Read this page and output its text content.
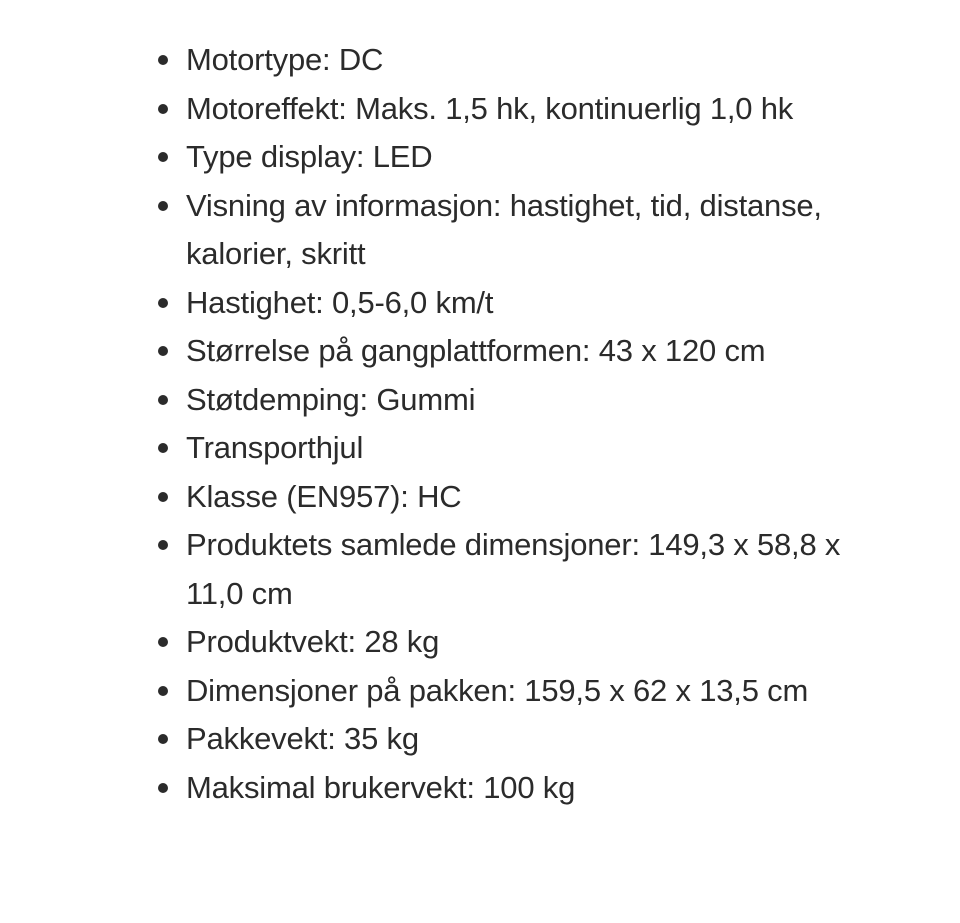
Motortype: DC
Motoreffekt: Maks. 1,5 hk, kontinuerlig 1,0 hk
Type display: LED
Visning av informasjon: hastighet, tid, distanse, kalorier, skritt
Hastighet: 0,5-6,0 km/t
Størrelse på gangplattformen: 43 x 120 cm
Støtdemping: Gummi
Transporthjul
Klasse (EN957): HC
Produktets samlede dimensjoner: 149,3 x 58,8 x 11,0 cm
Produktvekt: 28 kg
Dimensjoner på pakken: 159,5 x 62 x 13,5 cm
Pakkevekt: 35 kg
Maksimal brukervekt: 100 kg
